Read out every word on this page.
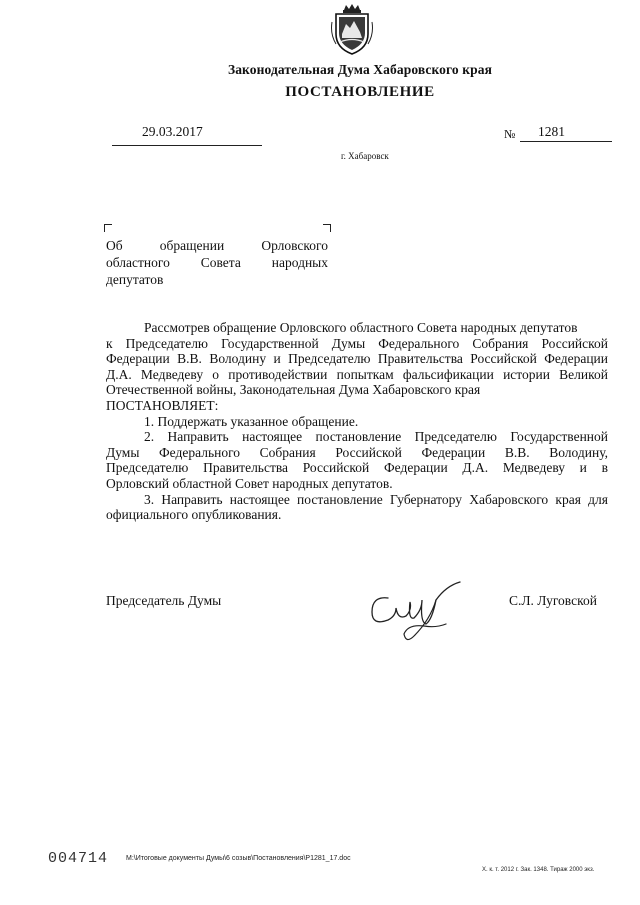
Законодательная Дума Хабаровского края
ПОСТАНОВЛЕНИЕ
29.03.2017	№ 1281
г. Хабаровск
Об обращении Орловского
областного Совета народных
депутатов
Рассмотрев обращение Орловского областного Совета народных депутатов
к Председателю Государственной Думы Федерального Собрания Российской
Федерации В.В. Володину и Председателю Правительства Российской Федерации
Д.А. Медведеву о противодействии попыткам фальсификации истории Великой
Отечественной войны, Законодательная Дума Хабаровского края
ПОСТАНОВЛЯЕТ:
1. Поддержать указанное обращение.
2. Направить настоящее постановление Председателю Государственной
Думы Федерального Собрания Российской Федерации В.В. Володину,
Председателю Правительства Российской Федерации Д.А. Медведеву и в
Орловский областной Совет народных депутатов.
3. Направить настоящее постановление Губернатору Хабаровского края для
официального опубликования.
Председатель Думы	С.Л. Луговской
004714	M:\Итоговые документы Думы\6 созыв\Постановления\P1281_17.doc
Х. к. т. 2012 г. Зак. 1348. Тираж 2000 экз.
